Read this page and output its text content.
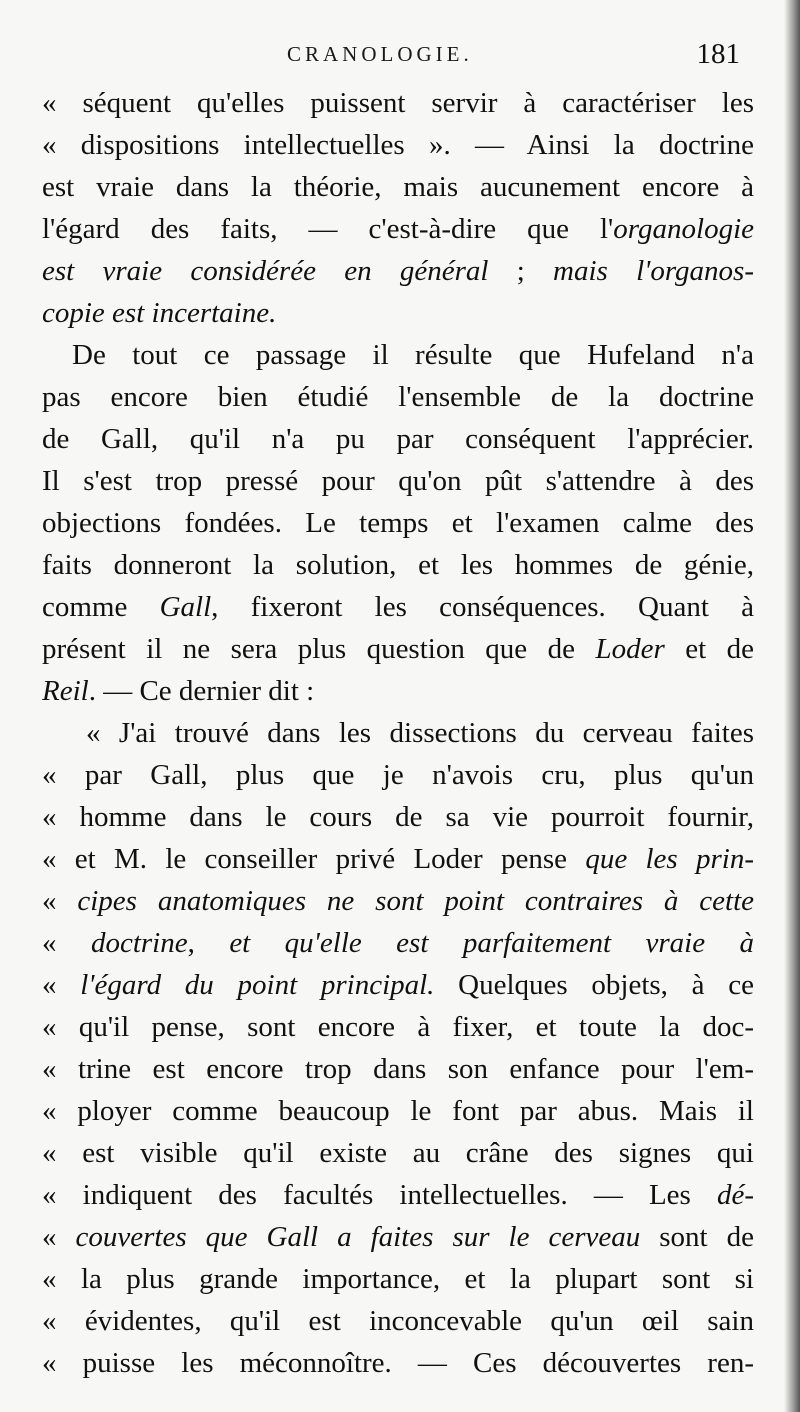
CRANOLOGIE.	181
« séquent qu'elles puissent servir à caractériser les
« dispositions intellectuelles ». — Ainsi la doctrine
est vraie dans la théorie, mais aucunement encore à
l'égard des faits, — c'est-à-dire que l'organologie
est vraie considérée en général ; mais l'organos-
copie est incertaine.
De tout ce passage il résulte que Hufeland n'a
pas encore bien étudié l'ensemble de la doctrine
de Gall, qu'il n'a pu par conséquent l'apprécier.
Il s'est trop pressé pour qu'on pût s'attendre à des
objections fondées. Le temps et l'examen calme des
faits donneront la solution, et les hommes de génie,
comme Gall, fixeront les conséquences. Quant à
présent il ne sera plus question que de Loder et de
Reil. — Ce dernier dit :
« J'ai trouvé dans les dissections du cerveau faites
« par Gall, plus que je n'avois cru, plus qu'un
« homme dans le cours de sa vie pourroit fournir,
« et M. le conseiller privé Loder pense que les prin-
« cipes anatomiques ne sont point contraires à cette
« doctrine, et qu'elle est parfaitement vraie à
« l'égard du point principal. Quelques objets, à ce
« qu'il pense, sont encore à fixer, et toute la doc-
« trine est encore trop dans son enfance pour l'em-
« ployer comme beaucoup le font par abus. Mais il
« est visible qu'il existe au crâne des signes qui
« indiquent des facultés intellectuelles. — Les dé-
« couvertes que Gall a faites sur le cerveau sont de
« la plus grande importance, et la plupart sont si
« évidentes, qu'il est inconcevable qu'un œil sain
« puisse les méconnoître. — Ces découvertes ren-
